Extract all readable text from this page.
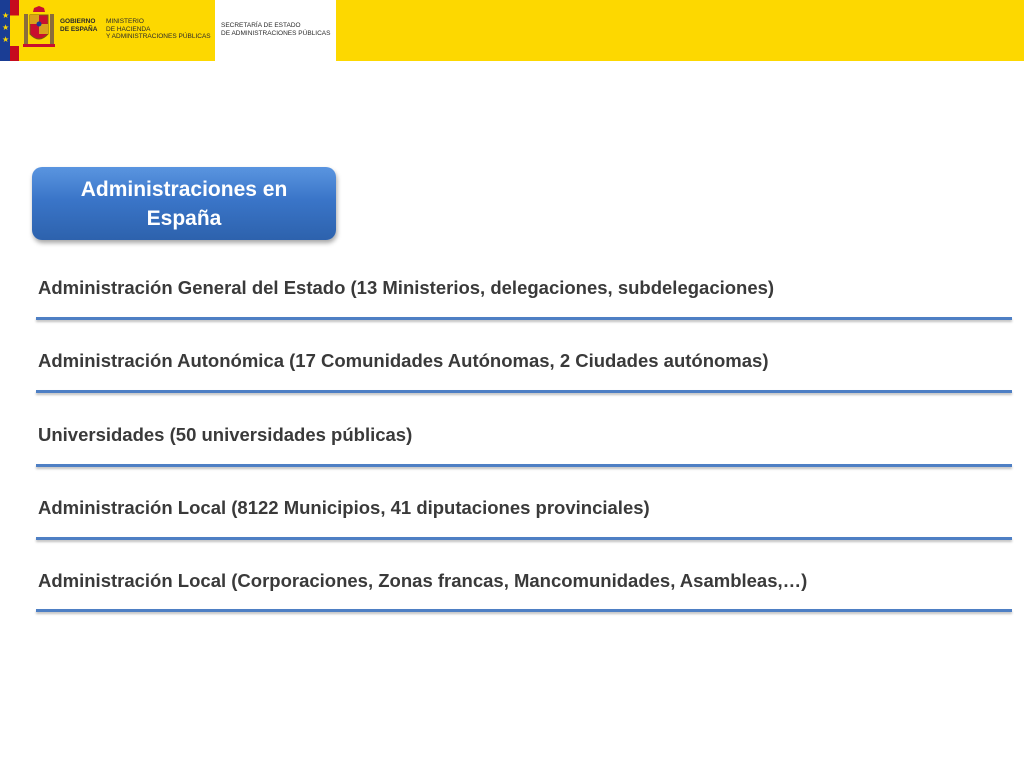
★
★
★
GOBIERNO
DE ESPAÑA
MINISTERIO
DE HACIENDA
Y ADMINISTRACIONES PÚBLICAS
SECRETARÍA DE ESTADO
DE ADMINISTRACIONES PÚBLICAS
Administraciones en España
Administración General del Estado (13 Ministerios, delegaciones, subdelegaciones)
Administración Autonómica (17 Comunidades Autónomas, 2 Ciudades autónomas)
Universidades (50 universidades públicas)
Administración Local (8122 Municipios, 41 diputaciones provinciales)
Administración Local (Corporaciones, Zonas francas, Mancomunidades, Asambleas,…)
